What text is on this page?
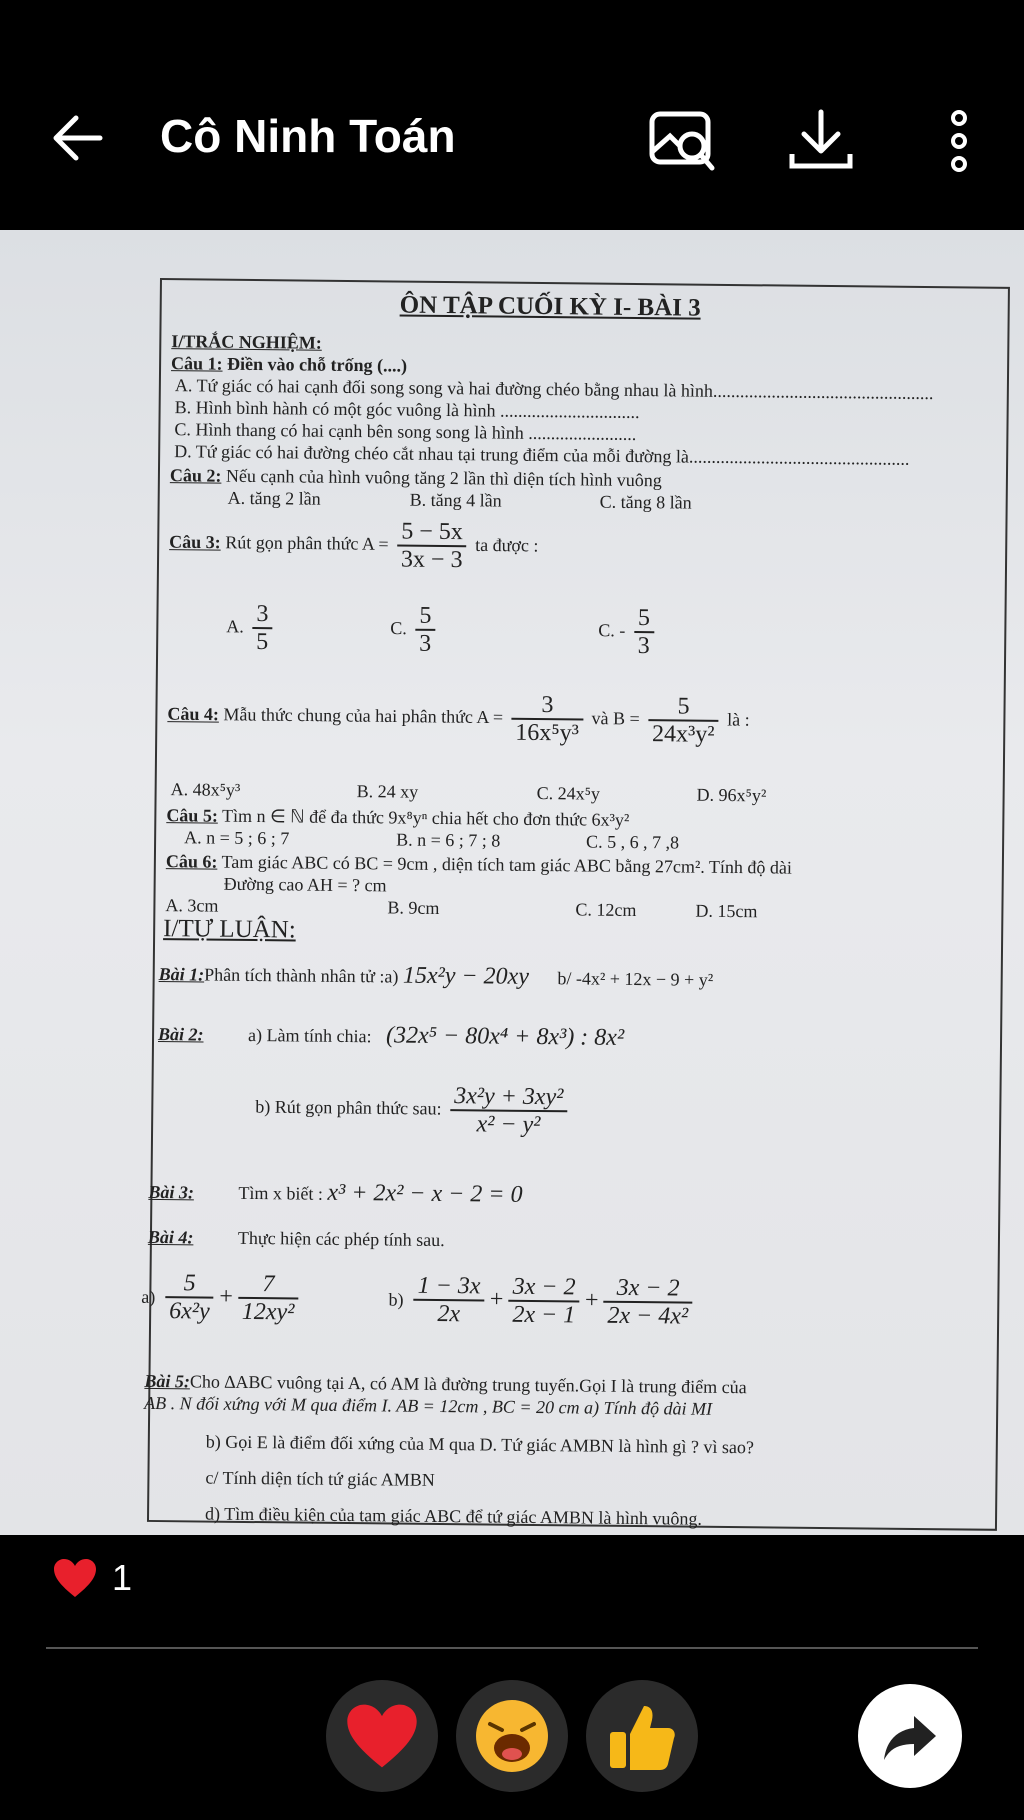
Cô Ninh Toán
ÔN TẬP CUỐI KỲ I- BÀI 3
I/TRẮC NGHIỆM:
Câu 1: Điền vào chỗ trống (....)
A. Tứ giác có hai cạnh đối song song và hai đường chéo bằng nhau là hình.................................................
B. Hình bình hành có một góc vuông là hình ...............................
C. Hình thang có hai cạnh bên song song là hình ........................
D. Tứ giác có hai đường chéo cắt nhau tại trung điểm của mỗi đường là.................................................
Câu 2: Nếu cạnh của hình vuông tăng 2 lần thì diện tích hình vuông
A. tăng 2 lần	B. tăng 4 lần	C. tăng 8 lần
Câu 3: Rút gọn phân thức $A = \frac{5 - 5x}{3x - 3}$ ta được :
A. $\frac{3}{5}$	C. $\frac{5}{3}$	C. - $\frac{5}{3}$
Câu 4: Mẫu thức chung của hai phân thức $A = \frac{3}{\text{16x⁵y³}}$ và $B = \frac{5}{\text{24x³y²}}$ là :
A. 48x⁵y³	B. 24 xy	C. 24x⁵y	D. 96x⁵y²
Câu 5: Tìm n ∈ ℕ để đa thức 9x⁸yⁿ chia hết cho đơn thức 6x³y²
A. n = 5 ; 6 ; 7	B. n = 6 ; 7 ; 8	C. 5 , 6 , 7 ,8
Câu 6: Tam giác ABC có BC = 9cm , diện tích tam giác ABC bằng 27cm². Tính độ dài
Đường cao AH = ? cm
A. 3cm	B. 9cm	C. 12cm	D. 15cm
I/TỰ LUẬN:
Bài 1:Phân tích thành nhân tử :a) 15x²y − 20xy b/ -4x² + 12x − 9 + y²
Bài 2: a) Làm tính chia: (32x⁵ − 80x⁴ + 8x³) : 8x²
b) Rút gọn phân thức sau: $\frac{\text{3x²y + 3xy²}}{\text{x² − y²}}$
Bài 3: Tìm x biết : x³ + 2x² − x − 2 = 0
Bài 4: Thực hiện các phép tính sau.
$a) \frac{5}{\text{6x²y}} + \frac{7}{\text{12xy²}}$	$b) \frac{1 - 3x}{2x} + \frac{3x - 2}{2x - 1} + \frac{3x - 2}{\text{2x − 4x²}}$
Bài 5:Cho ∆ABC vuông tại A, có AM là đường trung tuyến.Gọi I là trung điểm của
AB . N đối xứng với M qua điểm I. AB = 12cm , BC = 20 cm a) Tính độ dài MI
b) Gọi E là điểm đối xứng của M qua D. Tứ giác AMBN là hình gì ? vì sao?
c/ Tính diện tích tứ giác AMBN
d) Tìm điều kiện của tam giác ABC để tứ giác AMBN là hình vuông.
1
